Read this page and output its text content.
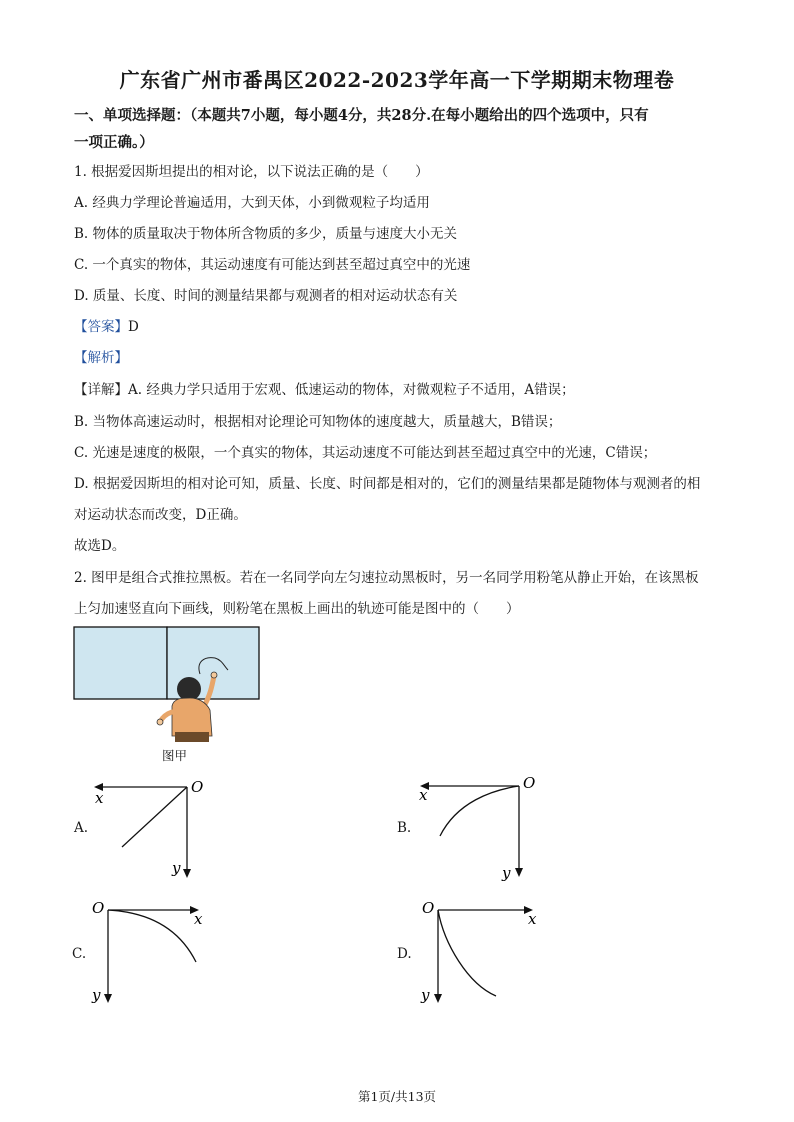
广东省广州市番禺区2022-2023学年高一下学期期末物理卷
一、单项选择题：（本题共7小题，每小题4分，共28分.在每小题给出的四个选项中，只有
一项正确。）
1. 根据爱因斯坦提出的相对论，以下说法正确的是（　　）
A. 经典力学理论普遍适用，大到天体，小到微观粒子均适用
B. 物体的质量取决于物体所含物质的多少，质量与速度大小无关
C. 一个真实的物体，其运动速度有可能达到甚至超过真空中的光速
D. 质量、长度、时间的测量结果都与观测者的相对运动状态有关
【答案】D
【解析】
【详解】A. 经典力学只适用于宏观、低速运动的物体，对微观粒子不适用，A错误；
B. 当物体高速运动时，根据相对论理论可知物体的速度越大，质量越大，B错误；
C. 光速是速度的极限，一个真实的物体，其运动速度不可能达到甚至超过真空中的光速，C错误；
D. 根据爱因斯坦的相对论可知，质量、长度、时间都是相对的，它们的测量结果都是随物体与观测者的相
对运动状态而改变，D正确。
故选D。
2. 图甲是组合式推拉黑板。若在一名同学向左匀速拉动黑板时，另一名同学用粉笔从静止开始，在该黑板
上匀加速竖直向下画线，则粉笔在黑板上画出的轨迹可能是图中的（　　）
图甲
A.
O
x
y
B.
O
x
y
C.
O
x
y
D.
O
x
y
第1页/共13页
